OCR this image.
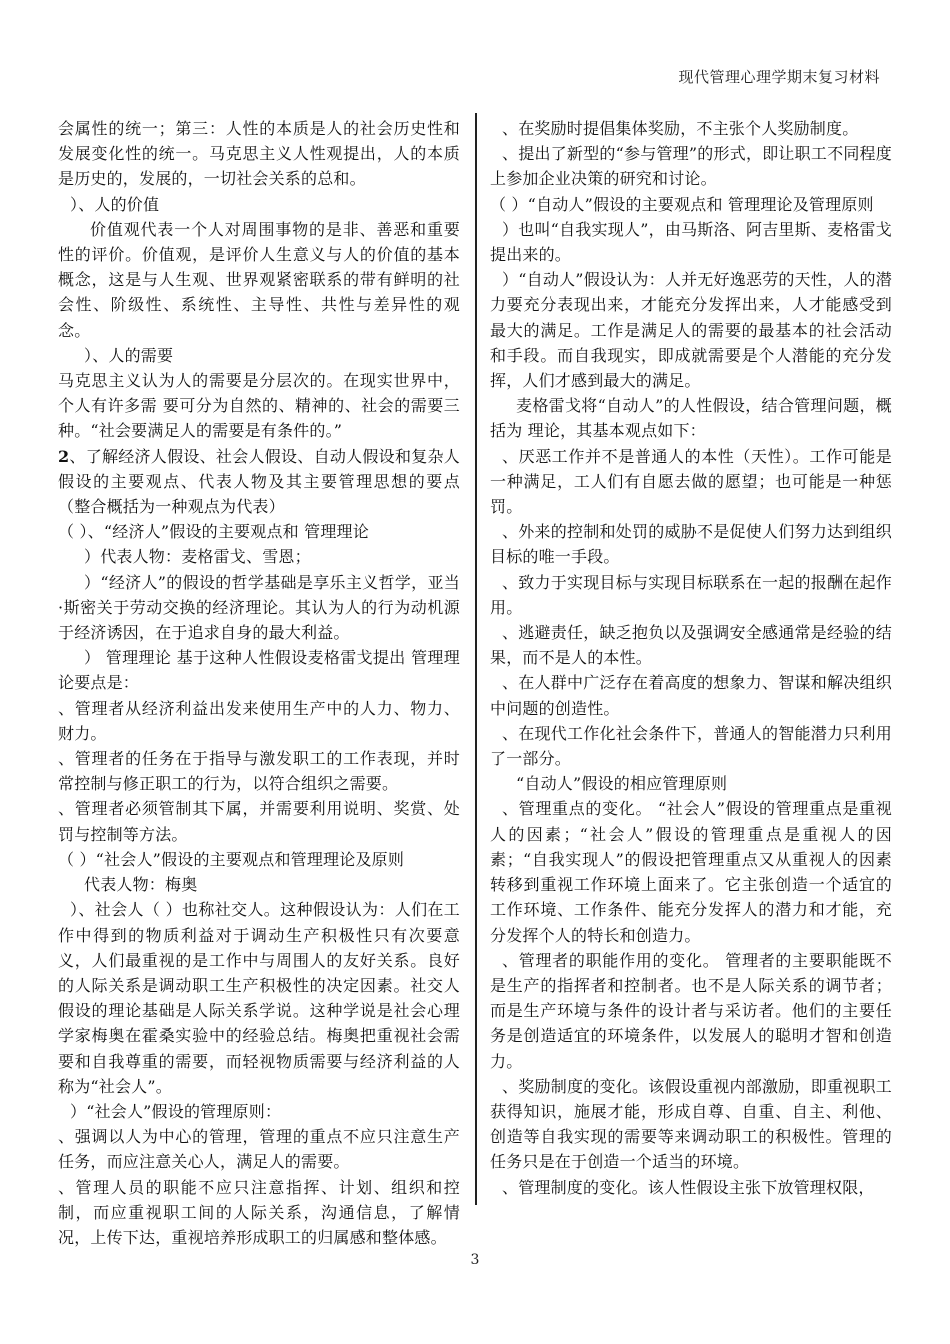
现代管理心理学期末复习材料

会属性的统一；第三：人性的本质是人的社会历史性和发展变化性的统一。马克思主义人性观提出，人的本质是历史的，发展的，一切社会关系的总和。

）、人的价值

价值观代表一个人对周围事物的是非、善恶和重要性的评价。价值观，是评价人生意义与人的价值的基本概念，这是与人生观、世界观紧密联系的带有鲜明的社会性、阶级性、系统性、主导性、共性与差异性的观念。

）、人的需要

马克思主义认为人的需要是分层次的。在现实世界中，个人有许多需 要可分为自然的、精神的、社会的需要三种。“社会要满足人的需要是有条件的。”

2、了解经济人假设、社会人假设、自动人假设和复杂人假设的主要观点、代表人物及其主要管理思想的要点（整合概括为一种观点为代表）

（ ）、“经济人”假设的主要观点和 管理理论

）代表人物：麦格雷戈、雪恩；

）“经济人”的假设的哲学基础是享乐主义哲学，亚当·斯密关于劳动交换的经济理论。其认为人的行为动机源于经济诱因，在于追求自身的最大利益。

） 管理理论 基于这种人性假设麦格雷戈提出 管理理论要点是：

、管理者从经济利益出发来使用生产中的人力、物力、财力。

、管理者的任务在于指导与激发职工的工作表现，并时常控制与修正职工的行为，以符合组织之需要。

、管理者必须管制其下属，并需要利用说明、奖赏、处罚与控制等方法。

（ ）“社会人”假设的主要观点和管理理论及原则

代表人物：梅奥

）、社会人（ ）也称社交人。这种假设认为：人们在工作中得到的物质利益对于调动生产积极性只有次要意义，人们最重视的是工作中与周围人的友好关系。良好的人际关系是调动职工生产积极性的决定因素。社交人假设的理论基础是人际关系学说。这种学说是社会心理学家梅奥在霍桑实验中的经验总结。梅奥把重视社会需要和自我尊重的需要，而轻视物质需要与经济利益的人称为“社会人”。

）“社会人”假设的管理原则：

、强调以人为中心的管理，管理的重点不应只注意生产任务，而应注意关心人，满足人的需要。

、管理人员的职能不应只注意指挥、计划、组织和控制，而应重视职工间的人际关系，沟通信息，了解情况，上传下达，重视培养形成职工的归属感和整体感。

、在奖励时提倡集体奖励，不主张个人奖励制度。

、提出了新型的“参与管理”的形式，即让职工不同程度上参加企业决策的研究和讨论。

（ ）“自动人”假设的主要观点和 管理理论及管理原则

）也叫“自我实现人”，由马斯洛、阿吉里斯、麦格雷戈提出来的。

）“自动人”假设认为：人并无好逸恶劳的天性，人的潜力要充分表现出来，才能充分发挥出来，人才能感受到最大的满足。工作是满足人的需要的最基本的社会活动和手段。而自我现实，即成就需要是个人潜能的充分发挥，人们才感到最大的满足。

麦格雷戈将“自动人”的人性假设，结合管理问题，概括为 理论，其基本观点如下：

、厌恶工作并不是普通人的本性（天性）。工作可能是一种满足，工人们有自愿去做的愿望；也可能是一种惩罚。

、外来的控制和处罚的威胁不是促使人们努力达到组织目标的唯一手段。

、致力于实现目标与实现目标联系在一起的报酬在起作用。

、逃避责任，缺乏抱负以及强调安全感通常是经验的结果，而不是人的本性。

、在人群中广泛存在着高度的想象力、智谋和解决组织中问题的创造性。

、在现代工作化社会条件下，普通人的智能潜力只利用了一部分。

“自动人”假设的相应管理原则

、管理重点的变化。 “社会人”假设的管理重点是重视人的因素；“社会人”假设的管理重点是重视人的因素；“自我实现人”的假设把管理重点又从重视人的因素转移到重视工作环境上面来了。它主张创造一个适宜的工作环境、工作条件、能充分发挥人的潜力和才能，充分发挥个人的特长和创造力。

、管理者的职能作用的变化。 管理者的主要职能既不是生产的指挥者和控制者。也不是人际关系的调节者；而是生产环境与条件的设计者与采访者。他们的主要任务是创造适宜的环境条件，以发展人的聪明才智和创造力。

、奖励制度的变化。该假设重视内部激励，即重视职工获得知识，施展才能，形成自尊、自重、自主、利他、创造等自我实现的需要等来调动职工的积极性。管理的任务只是在于创造一个适当的环境。

、管理制度的变化。该人性假设主张下放管理权限，

3
